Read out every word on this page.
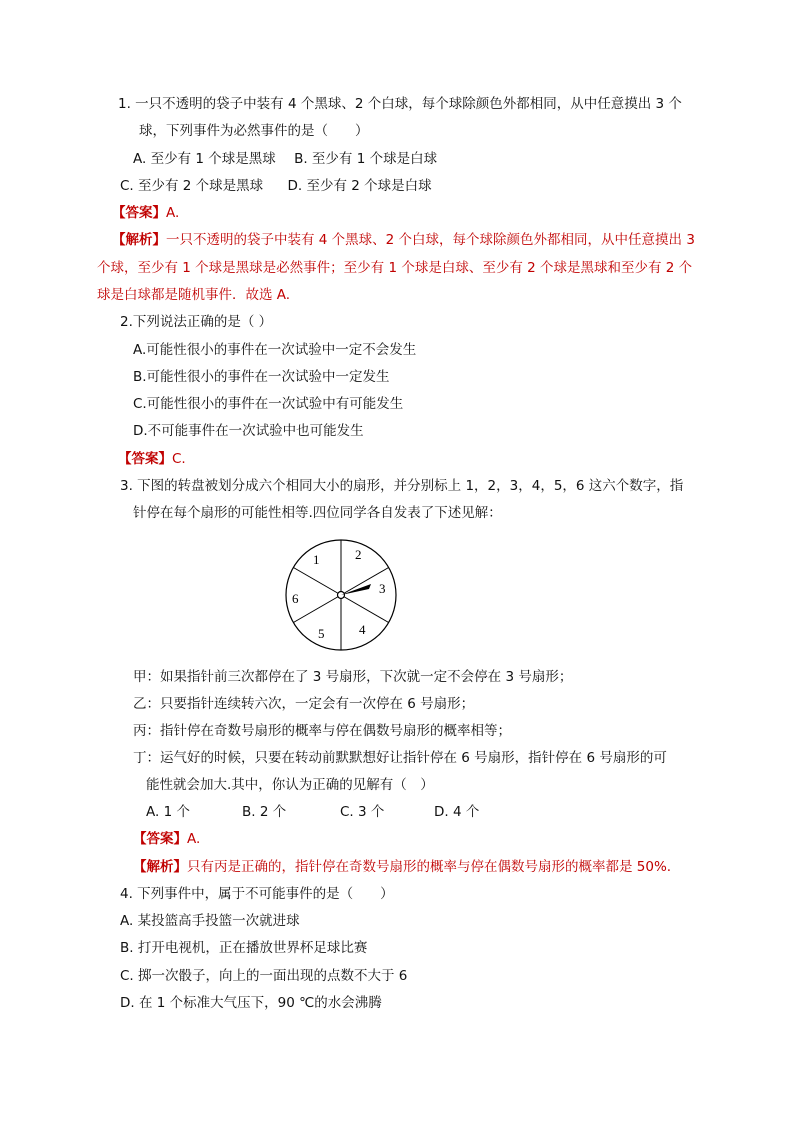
1. 一只不透明的袋子中装有 4 个黑球、2 个白球，每个球除颜色外都相同，从中任意摸出 3 个
球，下列事件为必然事件的是（　　）
A. 至少有 1 个球是黑球 B. 至少有 1 个球是白球
C. 至少有 2 个球是黑球 D. 至少有 2 个球是白球
【答案】A.
【解析】一只不透明的袋子中装有 4 个黑球、2 个白球，每个球除颜色外都相同，从中任意摸出 3
个球，至少有 1 个球是黑球是必然事件；至少有 1 个球是白球、至少有 2 个球是黑球和至少有 2 个
球是白球都是随机事件．故选 A.
2.下列说法正确的是（ ）
A.可能性很小的事件在一次试验中一定不会发生
B.可能性很小的事件在一次试验中一定发生
C.可能性很小的事件在一次试验中有可能发生
D.不可能事件在一次试验中也可能发生
【答案】C.
3. 下图的转盘被划分成六个相同大小的扇形，并分别标上 1，2，3，4，5，6 这六个数字，指
针停在每个扇形的可能性相等.四位同学各自发表了下述见解：
1	2
3
4
5
6
甲：如果指针前三次都停在了 3 号扇形，下次就一定不会停在 3 号扇形；
乙：只要指针连续转六次，一定会有一次停在 6 号扇形；
丙：指针停在奇数号扇形的概率与停在偶数号扇形的概率相等；
丁：运气好的时候，只要在转动前默默想好让指针停在 6 号扇形，指针停在 6 号扇形的可
能性就会加大.其中，你认为正确的见解有（　）
A. 1 个	B. 2 个	C. 3 个	D. 4 个
【答案】A.
【解析】只有丙是正确的，指针停在奇数号扇形的概率与停在偶数号扇形的概率都是 50%.
4. 下列事件中，属于不可能事件的是（　　）
A. 某投篮高手投篮一次就进球
B. 打开电视机，正在播放世界杯足球比赛
C. 掷一次骰子，向上的一面出现的点数不大于 6
D. 在 1 个标准大气压下，90 ℃的水会沸腾
